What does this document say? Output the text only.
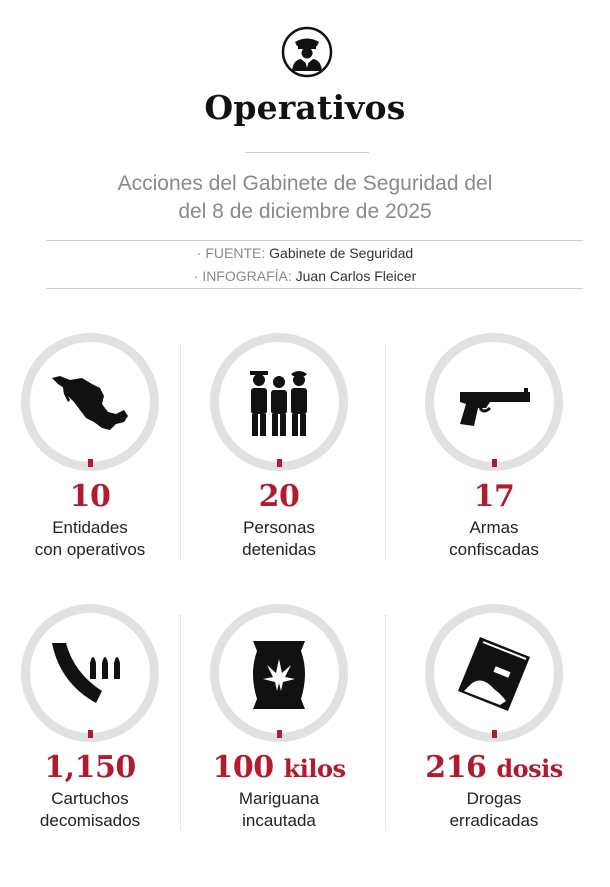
Operativos
Acciones del Gabinete de Seguridad del
del 8 de diciembre de 2025
· FUENTE: Gabinete de Seguridad
· INFOGRAFÍA: Juan Carlos Fleicer
10
Entidades
con operativos
20
Personas
detenidas
17
Armas
confiscadas
1,150
Cartuchos
decomisados
100 kilos
Mariguana
incautada
216 dosis
Drogas
erradicadas
